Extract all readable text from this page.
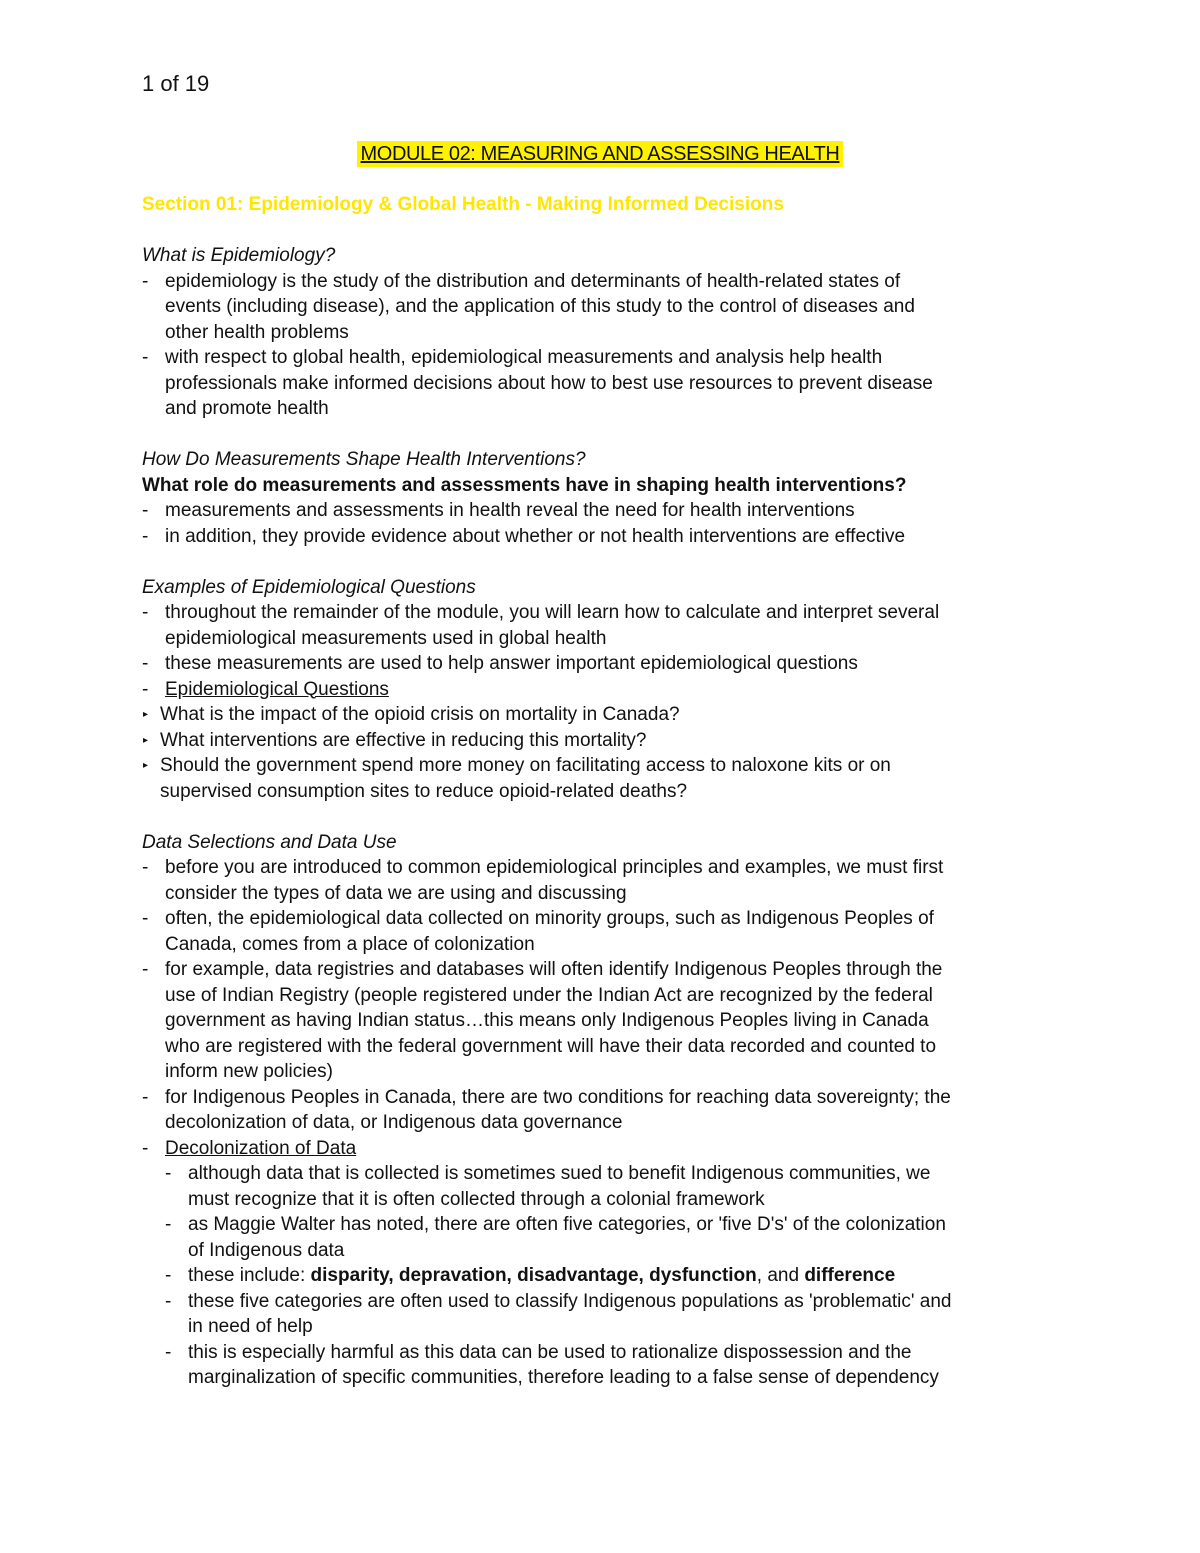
1 of 19
MODULE 02: MEASURING AND ASSESSING HEALTH
Section 01: Epidemiology & Global Health - Making Informed Decisions
What is Epidemiology?
- epidemiology is the study of the distribution and determinants of health-related states of
events (including disease), and the application of this study to the control of diseases and
other health problems
- with respect to global health, epidemiological measurements and analysis help health
professionals make informed decisions about how to best use resources to prevent disease
and promote health
How Do Measurements Shape Health Interventions?
What role do measurements and assessments have in shaping health interventions?
- measurements and assessments in health reveal the need for health interventions
- in addition, they provide evidence about whether or not health interventions are effective
Examples of Epidemiological Questions
- throughout the remainder of the module, you will learn how to calculate and interpret several
epidemiological measurements used in global health
- these measurements are used to help answer important epidemiological questions
- Epidemiological Questions
▸ What is the impact of the opioid crisis on mortality in Canada?
▸ What interventions are effective in reducing this mortality?
▸ Should the government spend more money on facilitating access to naloxone kits or on
supervised consumption sites to reduce opioid-related deaths?
Data Selections and Data Use
- before you are introduced to common epidemiological principles and examples, we must first
consider the types of data we are using and discussing
- often, the epidemiological data collected on minority groups, such as Indigenous Peoples of
Canada, comes from a place of colonization
- for example, data registries and databases will often identify Indigenous Peoples through the
use of Indian Registry (people registered under the Indian Act are recognized by the federal
government as having Indian status…this means only Indigenous Peoples living in Canada
who are registered with the federal government will have their data recorded and counted to
inform new policies)
- for Indigenous Peoples in Canada, there are two conditions for reaching data sovereignty; the
decolonization of data, or Indigenous data governance
- Decolonization of Data
- although data that is collected is sometimes sued to benefit Indigenous communities, we
must recognize that it is often collected through a colonial framework
- as Maggie Walter has noted, there are often five categories, or 'five D's' of the colonization
of Indigenous data
- these include: disparity, depravation, disadvantage, dysfunction, and difference
- these five categories are often used to classify Indigenous populations as 'problematic' and
in need of help
- this is especially harmful as this data can be used to rationalize dispossession and the
marginalization of specific communities, therefore leading to a false sense of dependency
